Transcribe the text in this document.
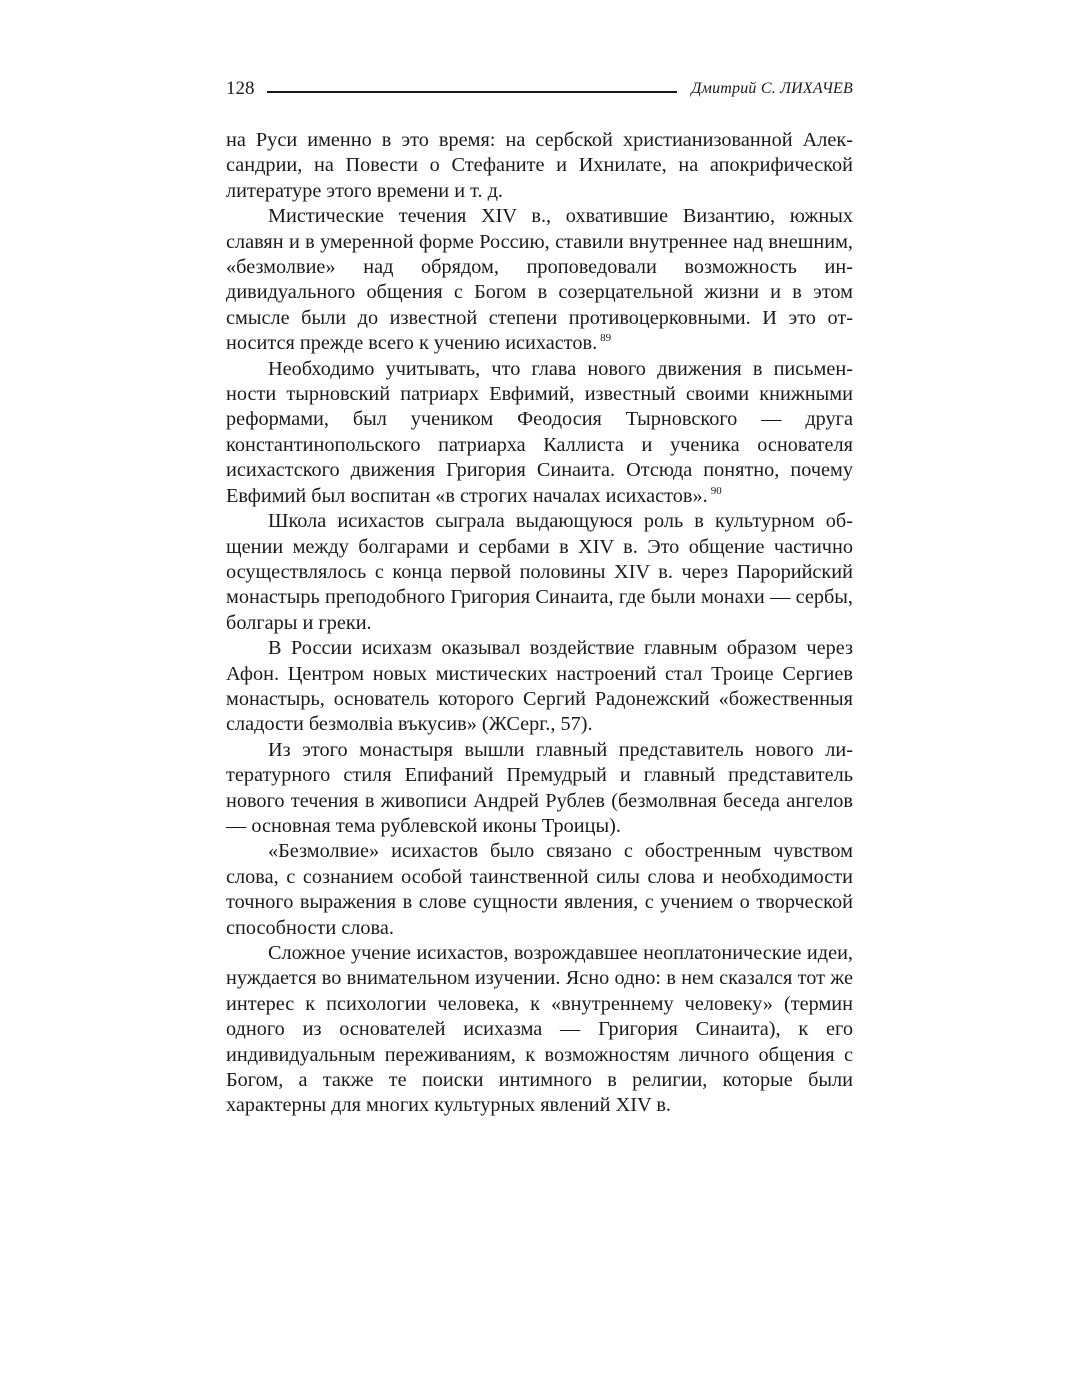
128	Дмитрий С. ЛИХАЧЕВ

на Руси именно в это время: на сербской христианизованной Александрии, на Повести о Стефаните и Ихнилате, на апокрифической литературе этого времени и т. д.

Мистические течения XIV в., охватившие Византию, южных славян и в умеренной форме Россию, ставили внутреннее над внешним, «безмолвие» над обрядом, проповедовали возможность индивидуального общения с Богом в созерцательной жизни и в этом смысле были до известной степени противоцерковными. И это относится прежде всего к учению исихастов. $^{89}$

Необходимо учитывать, что глава нового движения в письменности тырновский патриарх Евфимий, известный своими книжными реформами, был учеником Феодосия Тырновского — друга константинопольского патриарха Каллиста и ученика основателя исихастского движения Григория Синаита. Отсюда понятно, почему Евфимий был воспитан «в строгих началах исихастов». $^{90}$

Школа исихастов сыграла выдающуюся роль в культурном общении между болгарами и сербами в XIV в. Это общение частично осуществлялось с конца первой половины XIV в. через Парорийский монастырь преподобного Григория Синаита, где были монахи — сербы, болгары и греки.

В России исихазм оказывал воздействие главным образом через Афон. Центром новых мистических настроений стал Троице Сергиев монастырь, основатель которого Сергий Радонежский «божественныя сладости безмолвіа въкусив» (ЖСерг., 57).

Из этого монастыря вышли главный представитель нового литературного стиля Епифаний Премудрый и главный представитель нового течения в живописи Андрей Рублев (безмолвная беседа ангелов — основная тема рублевской иконы Троицы).

«Безмолвие» исихастов было связано с обостренным чувством слова, с сознанием особой таинственной силы слова и необходимости точного выражения в слове сущности явления, с учением о творческой способности слова.

Сложное учение исихастов, возрождавшее неоплатонические идеи, нуждается во внимательном изучении. Ясно одно: в нем сказался тот же интерес к психологии человека, к «внутреннему человеку» (термин одного из основателей исихазма — Григория Синаита), к его индивидуальным переживаниям, к возможностям личного общения с Богом, а также те поиски интимного в религии, которые были характерны для многих культурных явлений XIV в.
